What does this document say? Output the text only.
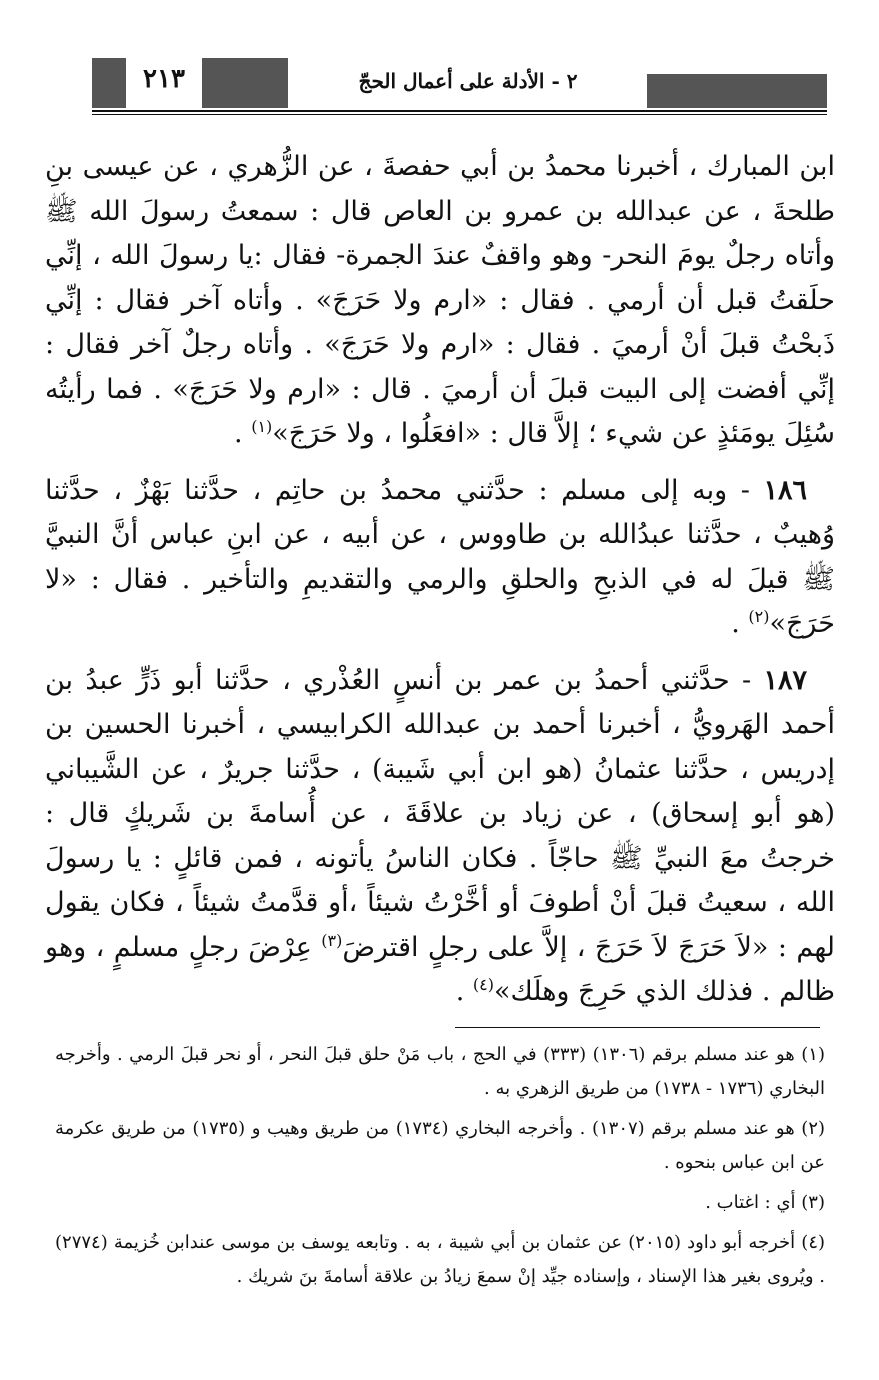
٢١٣	٢ - الأدلة على أعمال الحجّ

ابن المبارك ، أخبرنا محمدُ بن أبي حفصةَ ، عن الزُّهري ، عن عيسى بنِ طلحةَ ، عن عبدالله بن عمرو بن العاص قال : سمعتُ رسولَ الله ﷺ وأتاه رجلٌ يومَ النحر- وهو واقفٌ عندَ الجمرة- فقال :يا رسولَ الله ، إنِّي حلَقتُ قبل أن أرمي . فقال : «ارم ولا حَرَجَ» . وأتاه آخر فقال : إنِّي ذَبحْتُ قبلَ أنْ أرميَ . فقال : «ارم ولا حَرَجَ» . وأتاه رجلٌ آخر فقال : إنِّي أفضت إلى البيت قبلَ أن أرميَ . قال : «ارم ولا حَرَجَ» . فما رأيتُه سُئِلَ يومَئذٍ عن شيء ؛ إلاَّ قال : «افعَلُوا ، ولا حَرَجَ»$^{(١)}$ .

١٨٦ - وبه إلى مسلم : حدَّثني محمدُ بن حاتِم ، حدَّثنا بَهْزٌ ، حدَّثنا وُهيبٌ ، حدَّثنا عبدُالله بن طاووس ، عن أبيه ، عن ابنِ عباس أنَّ النبيَّ ﷺ قيلَ له في الذبحِ والحلقِ والرمي والتقديمِ والتأخير . فقال : «لا حَرَجَ»$^{(٢)}$ .

١٨٧ - حدَّثني أحمدُ بن عمر بن أنسٍ العُذْري ، حدَّثنا أبو ذَرٍّ عبدُ بن أحمد الهَرويُّ ، أخبرنا أحمد بن عبدالله الكرابيسي ، أخبرنا الحسين بن إدريس ، حدَّثنا عثمانُ (هو ابن أبي شَيبة) ، حدَّثنا جريرٌ ، عن الشَّيباني (هو أبو إسحاق) ، عن زياد بن علاقَةَ ، عن أُسامةَ بن شَريكٍ قال : خرجتُ معَ النبيِّ ﷺ حاجّاً . فكان الناسُ يأتونه ، فمن قائلٍ : يا رسولَ الله ، سعيتُ قبلَ أنْ أطوفَ أو أخَّرْتُ شيئاً ،أو قدَّمتُ شيئاً ، فكان يقول لهم : «لاَ حَرَجَ لاَ حَرَجَ ، إلاَّ على رجلٍ اقترضَ$^{(٣)}$ عِرْضَ رجلٍ مسلمٍ ، وهو ظالم . فذلك الذي حَرِجَ وهلَك»$^{(٤)}$ .

(١) هو عند مسلم برقم (١٣٠٦) (٣٣٣) في الحج ، باب مَنْ حلق قبلَ النحر ، أو نحر قبلَ الرمي . وأخرجه البخاري (١٧٣٦ - ١٧٣٨) من طريق الزهري به .

(٢) هو عند مسلم برقم (١٣٠٧) . وأخرجه البخاري (١٧٣٤) من طريق وهيب و (١٧٣٥) من طريق عكرمة عن ابن عباس بنحوه .

(٣) أي : اغتاب .

(٤) أخرجه أبو داود (٢٠١٥) عن عثمان بن أبي شيبة ، به . وتابعه يوسف بن موسى عندابن خُزيمة (٢٧٧٤) . ويُروى بغير هذا الإسناد ، وإسناده جيِّد إنْ سمعَ زيادُ بن علاقة أسامةَ بنَ شريك .
